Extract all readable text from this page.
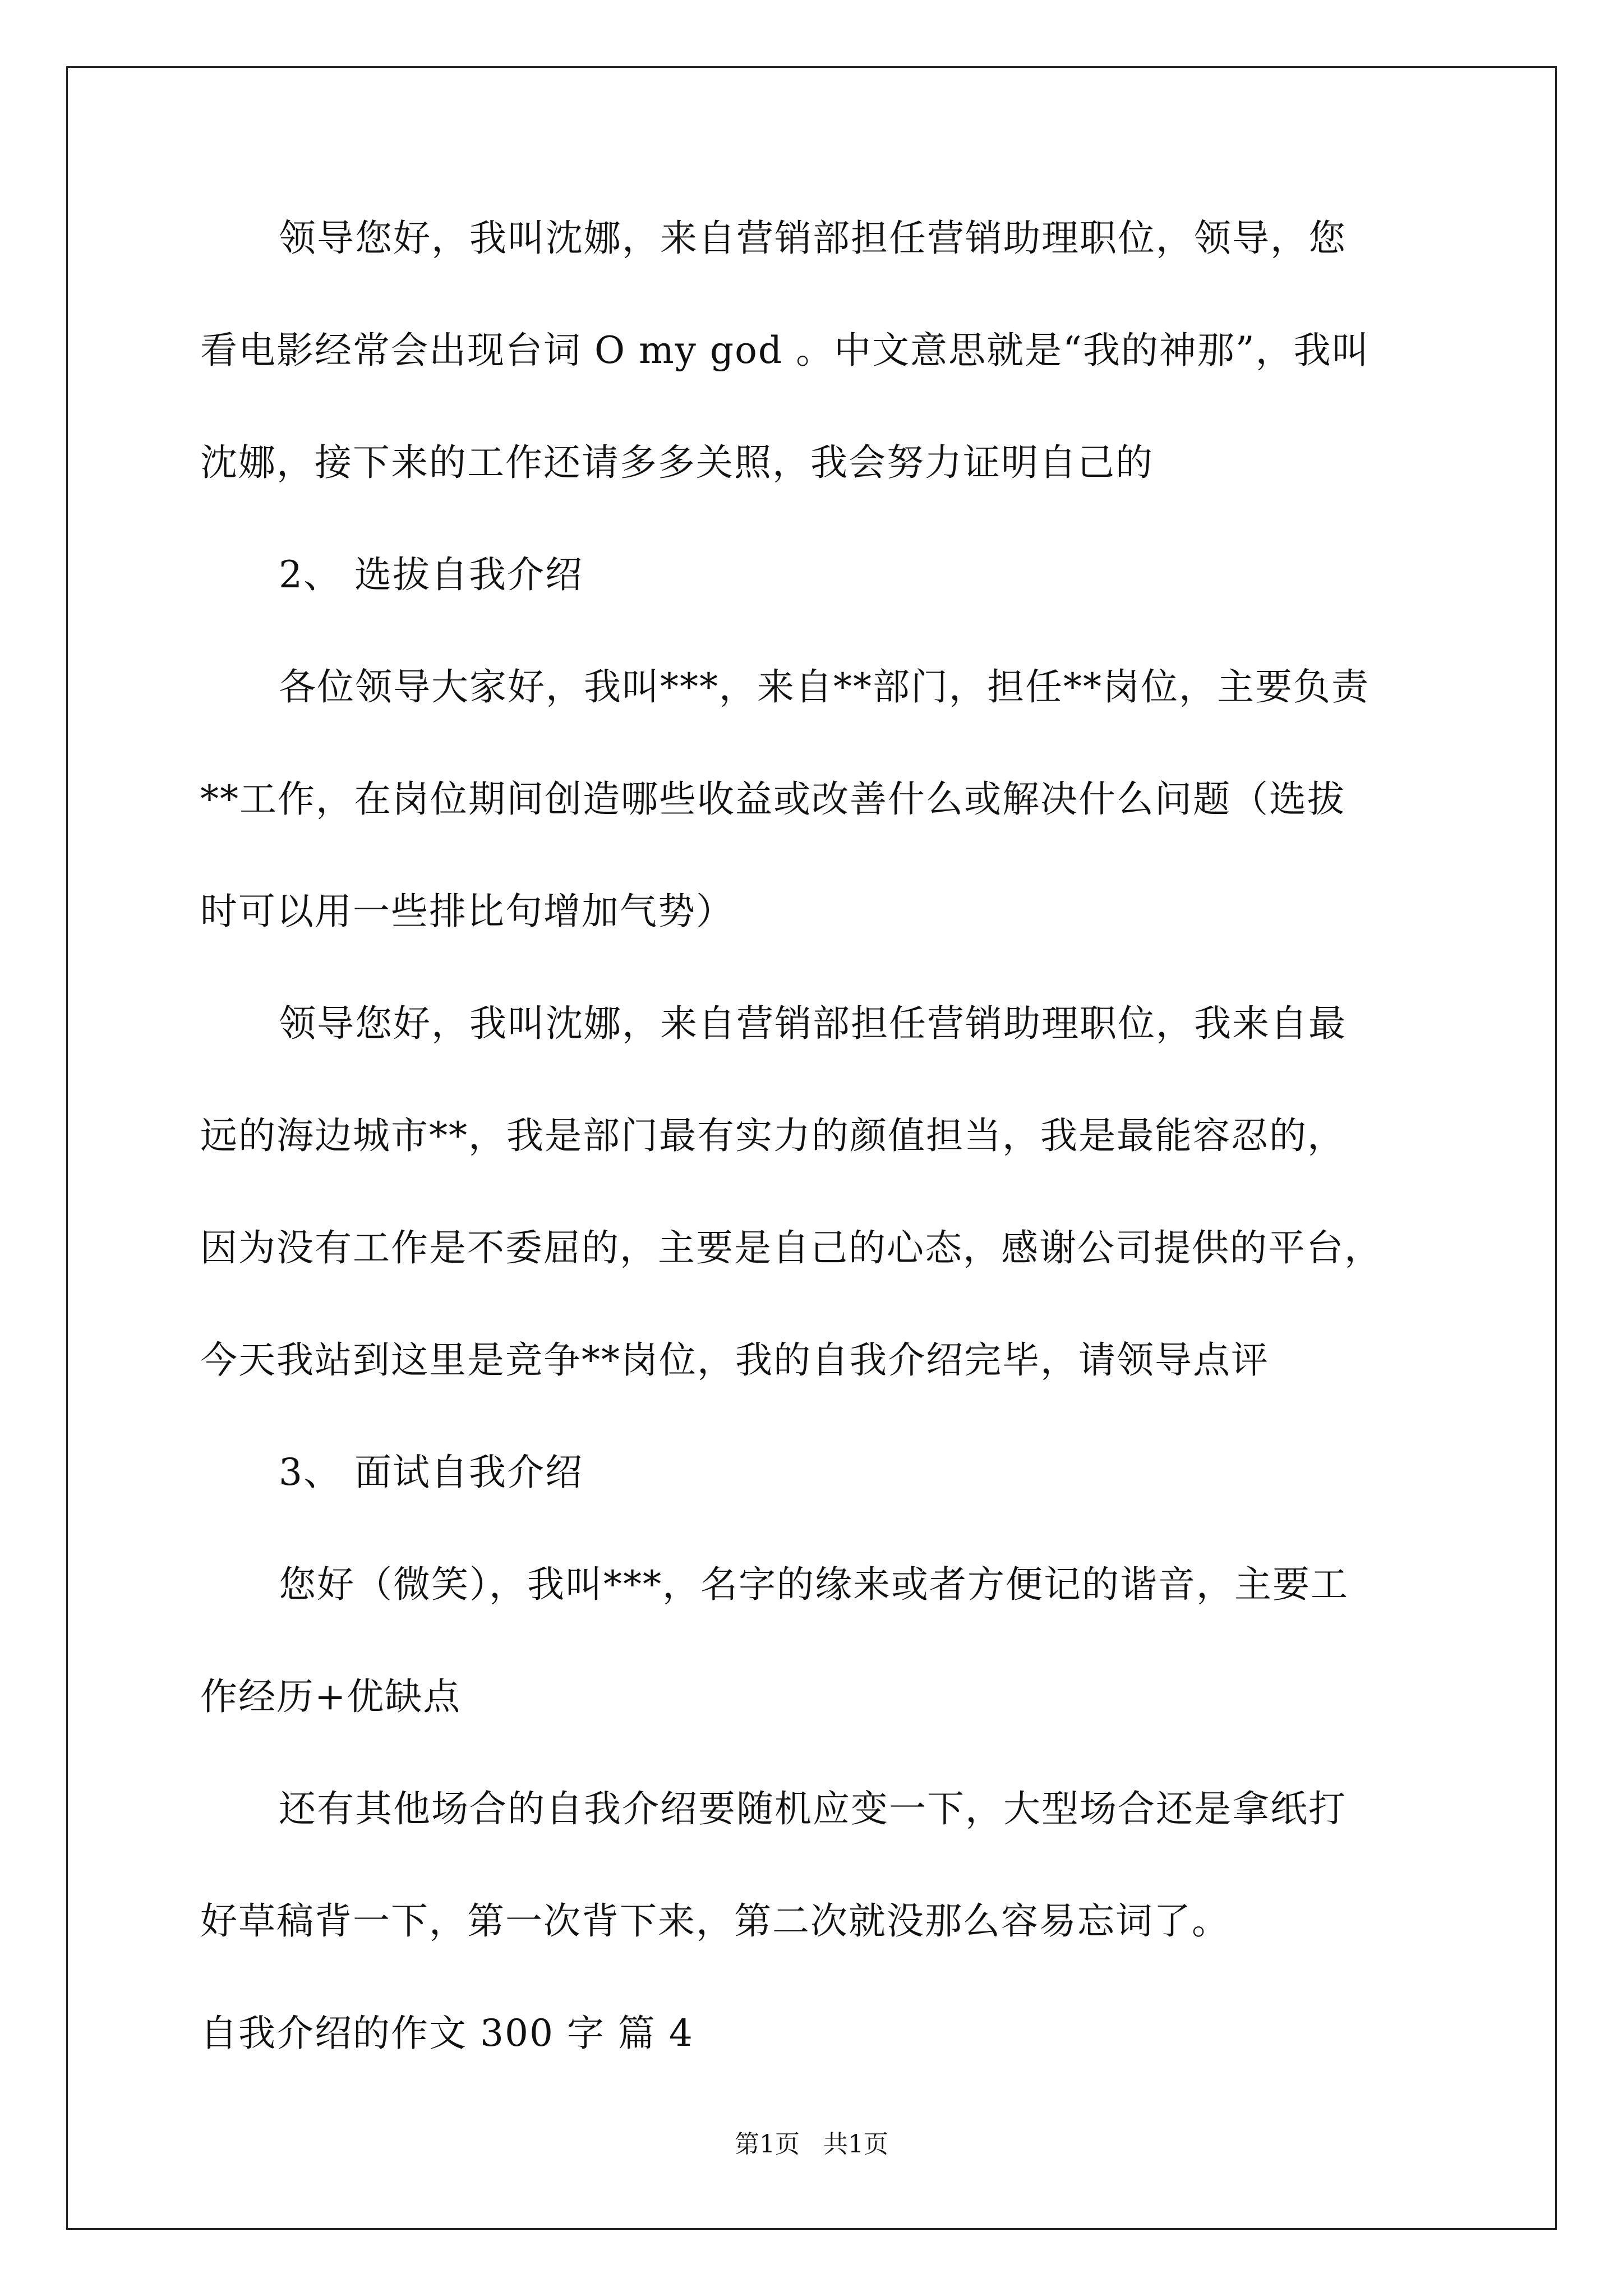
领导您好，我叫沈娜，来自营销部担任营销助理职位，领导，您
看电影经常会出现台词 O my god 。中文意思就是“我的神那”，我叫
沈娜，接下来的工作还请多多关照，我会努力证明自己的
2、 选拔自我介绍
各位领导大家好，我叫***，来自**部门，担任**岗位，主要负责
**工作，在岗位期间创造哪些收益或改善什么或解决什么问题（选拔
时可以用一些排比句增加气势）
领导您好，我叫沈娜，来自营销部担任营销助理职位，我来自最
远的海边城市**，我是部门最有实力的颜值担当，我是最能容忍的，
因为没有工作是不委屈的，主要是自己的心态，感谢公司提供的平台，
今天我站到这里是竞争**岗位，我的自我介绍完毕，请领导点评
3、 面试自我介绍
您好（微笑），我叫***，名字的缘来或者方便记的谐音，主要工
作经历+优缺点
还有其他场合的自我介绍要随机应变一下，大型场合还是拿纸打
好草稿背一下，第一次背下来，第二次就没那么容易忘词了。
自我介绍的作文 300 字 篇 4
第1页   共1页
